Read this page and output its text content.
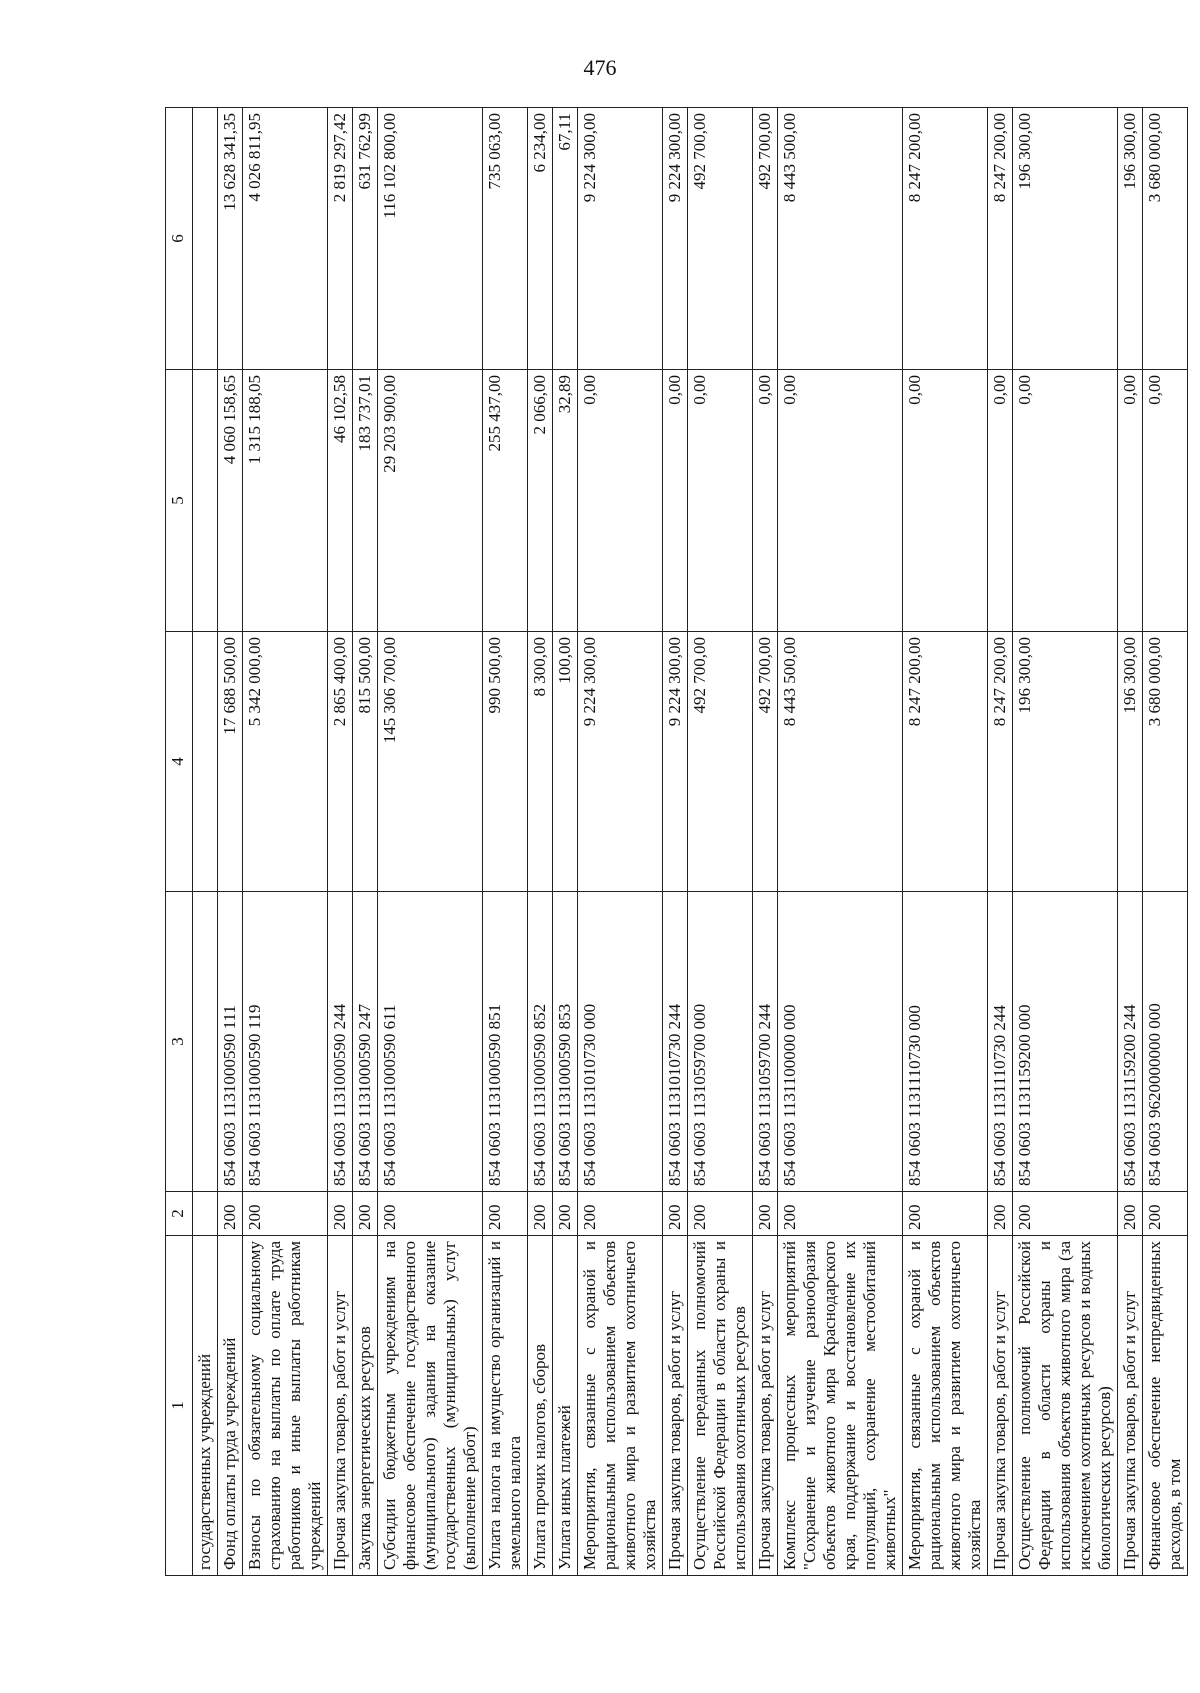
476
1	2	3	4	5	6
государственных учреждений					
Фонд оплаты труда учреждений	200	854 0603 1131000590 111	17 688 500,00	4 060 158,65	13 628 341,35
Взносы по обязательному социальному страхованию на выплаты по оплате труда работников и иные выплаты работникам учреждений	200	854 0603 1131000590 119	5 342 000,00	1 315 188,05	4 026 811,95
Прочая закупка товаров, работ и услуг	200	854 0603 1131000590 244	2 865 400,00	46 102,58	2 819 297,42
Закупка энергетических ресурсов	200	854 0603 1131000590 247	815 500,00	183 737,01	631 762,99
Субсидии бюджетным учреждениям на финансовое обеспечение государственного (муниципального) задания на оказание государственных (муниципальных) услуг (выполнение работ)	200	854 0603 1131000590 611	145 306 700,00	29 203 900,00	116 102 800,00
Уплата налога на имущество организаций и земельного налога	200	854 0603 1131000590 851	990 500,00	255 437,00	735 063,00
Уплата прочих налогов, сборов	200	854 0603 1131000590 852	8 300,00	2 066,00	6 234,00
Уплата иных платежей	200	854 0603 1131000590 853	100,00	32,89	67,11
Мероприятия, связанные с охраной и рациональным использованием объектов животного мира и развитием охотничьего хозяйства	200	854 0603 1131010730 000	9 224 300,00	0,00	9 224 300,00
Прочая закупка товаров, работ и услуг	200	854 0603 1131010730 244	9 224 300,00	0,00	9 224 300,00
Осуществление переданных полномочий Российской Федерации в области охраны и использования охотничьих ресурсов	200	854 0603 1131059700 000	492 700,00	0,00	492 700,00
Прочая закупка товаров, работ и услуг	200	854 0603 1131059700 244	492 700,00	0,00	492 700,00
Комплекс процессных мероприятий "Сохранение и изучение разнообразия объектов животного мира Краснодарского края, поддержание и восстановление их популяций, сохранение местообитаний животных"	200	854 0603 1131100000 000	8 443 500,00	0,00	8 443 500,00
Мероприятия, связанные с охраной и рациональным использованием объектов животного мира и развитием охотничьего хозяйства	200	854 0603 1131110730 000	8 247 200,00	0,00	8 247 200,00
Прочая закупка товаров, работ и услуг	200	854 0603 1131110730 244	8 247 200,00	0,00	8 247 200,00
Осуществление полномочий Российской Федерации в области охраны и использования объектов животного мира (за исключением охотничьих ресурсов и водных биологических ресурсов)	200	854 0603 1131159200 000	196 300,00	0,00	196 300,00
Прочая закупка товаров, работ и услуг	200	854 0603 1131159200 244	196 300,00	0,00	196 300,00
Финансовое обеспечение непредвиденных расходов, в том	200	854 0603 9620000000 000	3 680 000,00	0,00	3 680 000,00
